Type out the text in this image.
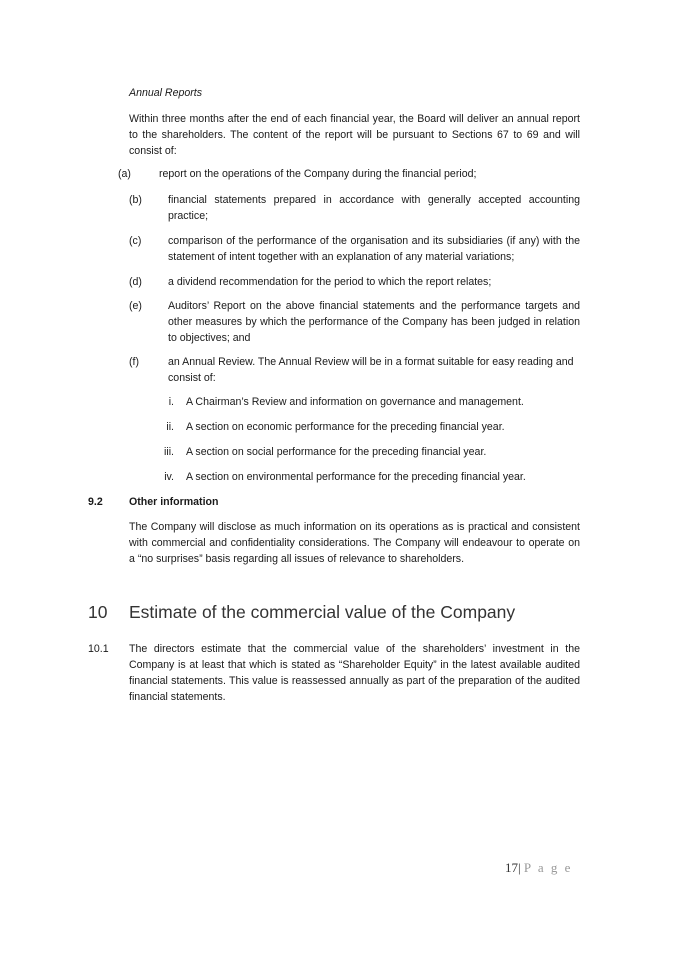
Annual Reports
Within three months after the end of each financial year, the Board will deliver an annual report to the shareholders. The content of the report will be pursuant to Sections 67 to 69 and will consist of:
(a)	report on the operations of the Company during the financial period;
(b) financial statements prepared in accordance with generally accepted accounting practice;
(c)	comparison of the performance of the organisation and its subsidiaries (if any) with the statement of intent together with an explanation of any material variations;
(d) a dividend recommendation for the period to which the report relates;
(e) Auditors’ Report on the above financial statements and the performance targets and other measures by which the performance of the Company has been judged in relation to objectives; and
(f)	an Annual Review. The Annual Review will be in a format suitable for easy reading and consist of:
i. A Chairman’s Review and information on governance and management.
ii. A section on economic performance for the preceding financial year.
iii. A section on social performance for the preceding financial year.
iv. A section on environmental performance for the preceding financial year.
9.2 Other information
The Company will disclose as much information on its operations as is practical and consistent with commercial and confidentiality considerations. The Company will endeavour to operate on a “no surprises” basis regarding all issues of relevance to shareholders.
10 Estimate of the commercial value of the Company
10.1 The directors estimate that the commercial value of the shareholders’ investment in the Company is at least that which is stated as “Shareholder Equity” in the latest available audited financial statements. This value is reassessed annually as part of the preparation of the audited financial statements.
17| P a g e
